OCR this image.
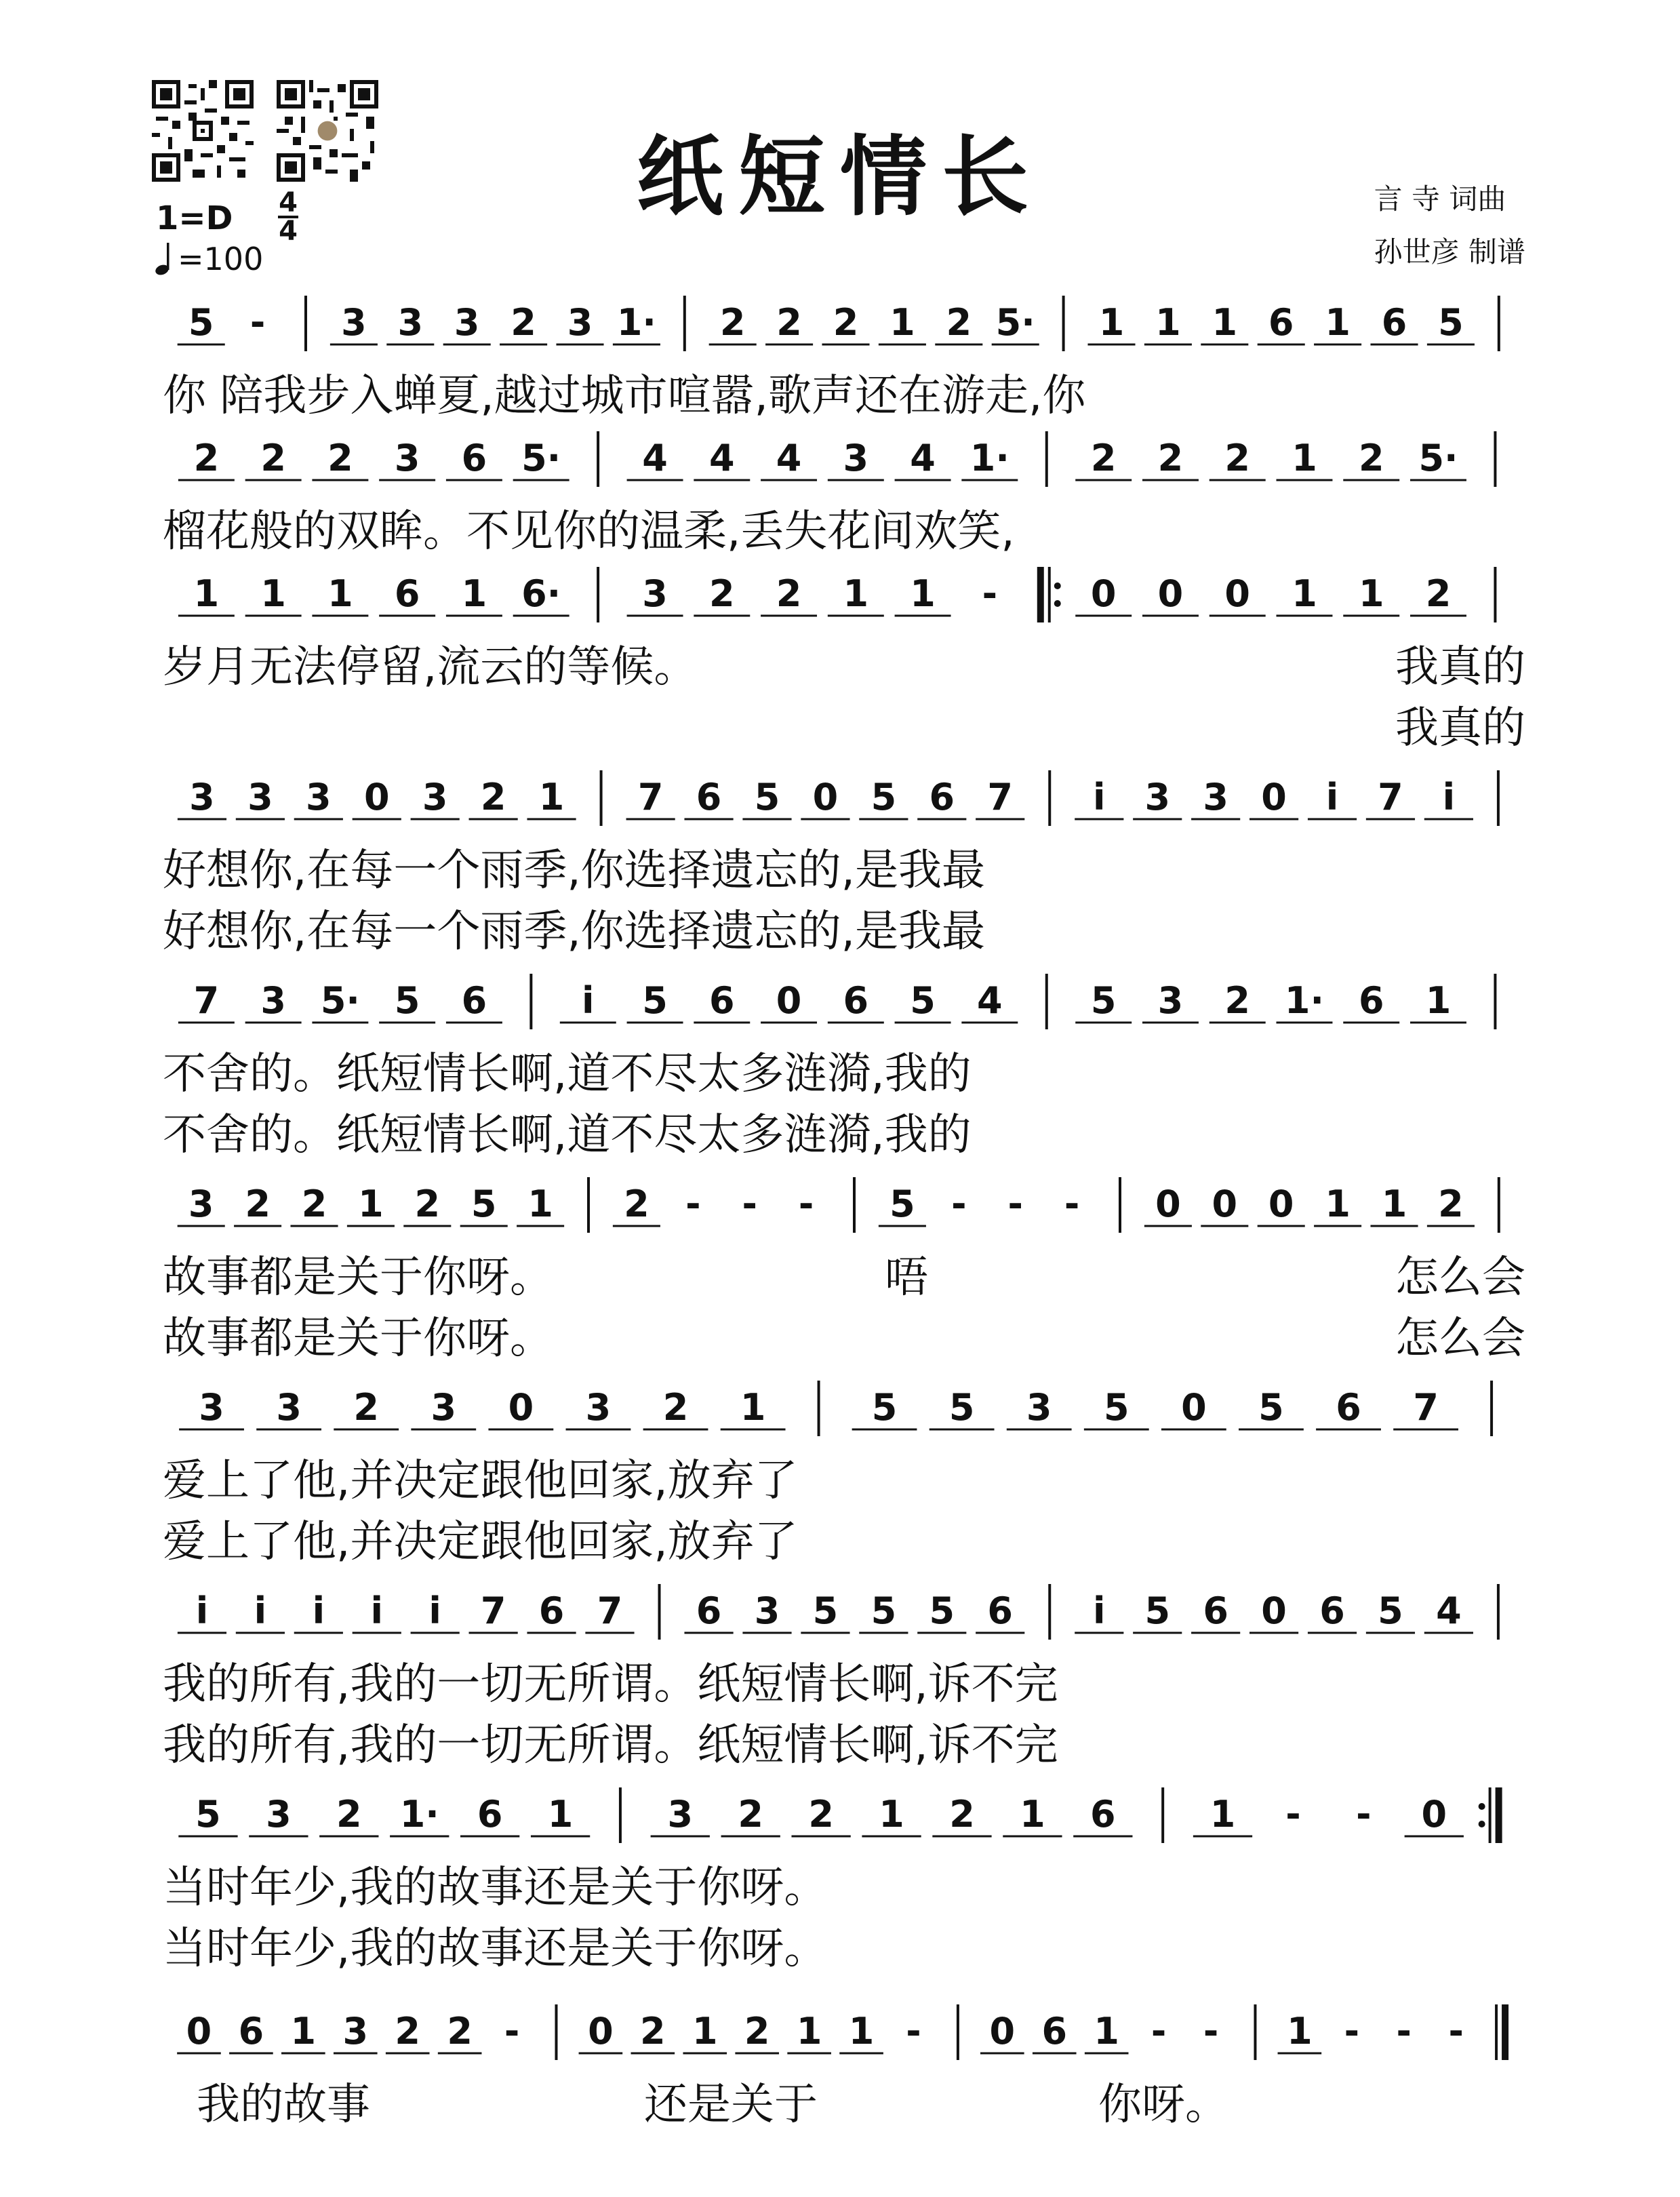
纸短情长	言 寺 词曲
孙世彦 制谱
1=D 4
4
=100
5 - 3 3 3 2 3 1· 2 2 2 1 2 5· 1 1 1 6 1 6 5
你 陪我步入蝉夏,越过城市喧嚣,歌声还在游走,你
2 2 2 3 6 5· 4 4 4 3 4 1· 2 2 2 1 2 5·
榴花般的双眸。不见你的温柔,丢失花间欢笑,
1 1 1 6 1 6· 3 2 2 1 1 -	0 0 0 1 1 2
岁月无法停留,流云的等候。	我真的
我真的
3 3 3 0 3 2 1 7 6 5 0 5 6 7 i 3 3 0 i 7 i
好想你,在每一个雨季,你选择遗忘的,是我最
好想你,在每一个雨季,你选择遗忘的,是我最
7 3 5· 5 6	i 5 6 0 6 5 4 5 3 2 1· 6 1
不舍的。纸短情长啊,道不尽太多涟漪,我的
不舍的。纸短情长啊,道不尽太多涟漪,我的
3 2 2 1 2 5 1 2 - - - 5 - - - 0 0 0 1 1 2
故事都是关于你呀。	唔	怎么会
故事都是关于你呀。	怎么会
3 3 2 3 0 3 2 1	5 5 3 5 0 5 6 7
爱上了他,并决定跟他回家,放弃了
爱上了他,并决定跟他回家,放弃了
i i i i i 7 6 7 6 3 5 5 5 6 i 5 6 0 6 5 4
我的所有,我的一切无所谓。纸短情长啊,诉不完
我的所有,我的一切无所谓。纸短情长啊,诉不完
5 3 2 1· 6 1	3 2 2 1 2 1 6	1 - - 0
当时年少,我的故事还是关于你呀。
当时年少,我的故事还是关于你呀。
0 6 1 3 2 2 - 0 2 1 2 1 1 - 0 6 1 - - 1 - - -
我的故事	还是关于	你呀。
